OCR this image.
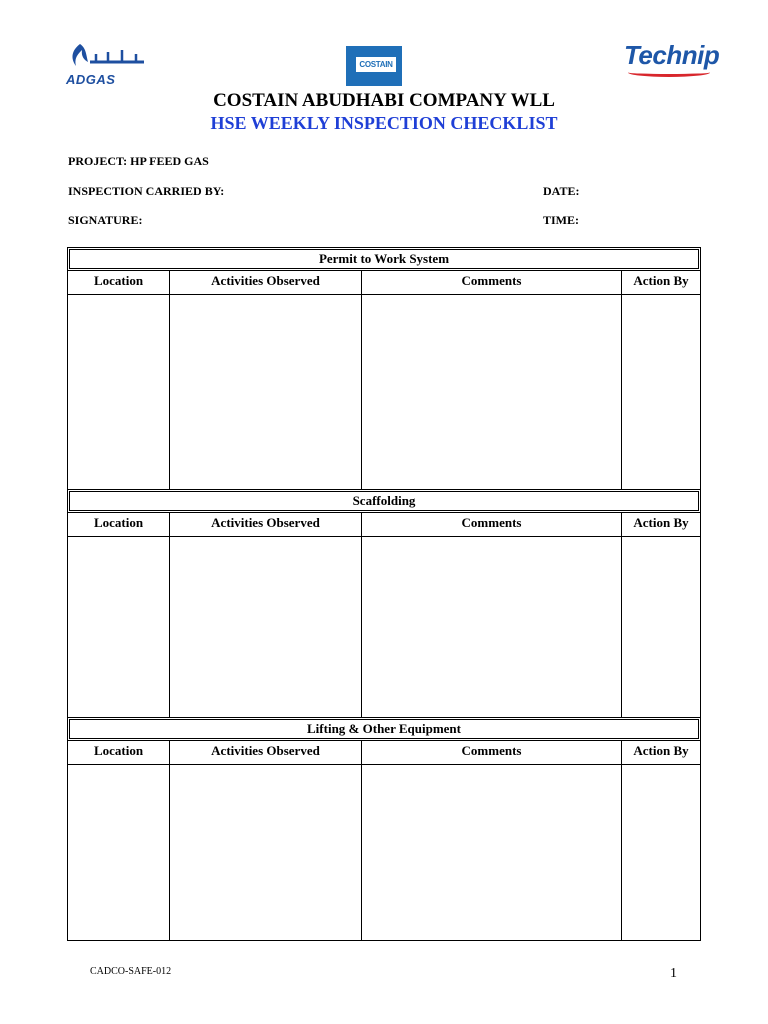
ADGAS
COSTAIN	Technip
COSTAIN ABUDHABI COMPANY WLL
HSE WEEKLY INSPECTION CHECKLIST
PROJECT: HP FEED GAS
INSPECTION CARRIED BY:	DATE:
SIGNATURE:	TIME:
Permit to Work System
Location	Activities Observed	Comments	Action By
Scaffolding
Location	Activities Observed	Comments	Action By
Lifting & Other Equipment
Location	Activities Observed	Comments	Action By
CADCO-SAFE-012	1
